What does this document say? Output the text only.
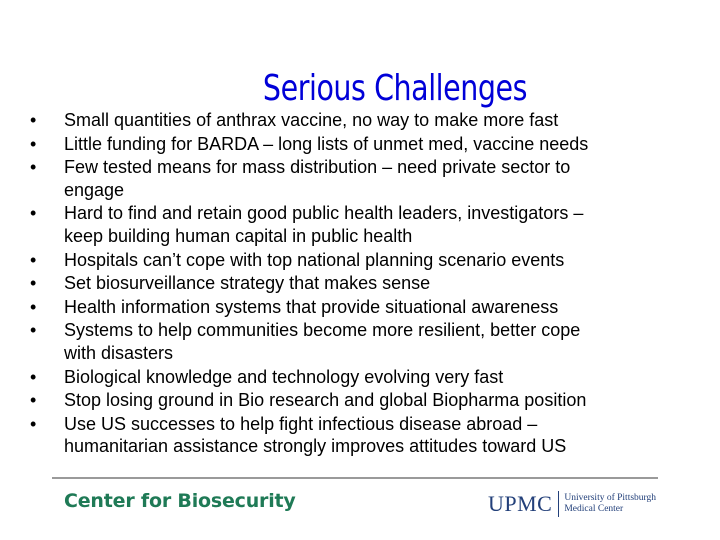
Serious Challenges
•	Small quantities of anthrax vaccine, no way to make more fast
•	Little funding for BARDA – long lists of unmet med, vaccine needs
•	Few tested means for mass distribution – need private sector to
engage
•	Hard to find and retain good public health leaders, investigators –
keep building human capital in public health
•	Hospitals can’t cope with top national planning scenario events
•	Set biosurveillance strategy that makes sense
•	Health information systems that provide situational awareness
•	Systems to help communities become more resilient, better cope
with disasters
•	Biological knowledge and technology evolving very fast
•	Stop losing ground in Bio research and global Biopharma position
•	Use US successes to help fight infectious disease abroad –
humanitarian assistance strongly improves attitudes toward US
Center for Biosecurity	UPMC	University of Pittsburgh
Medical Center
